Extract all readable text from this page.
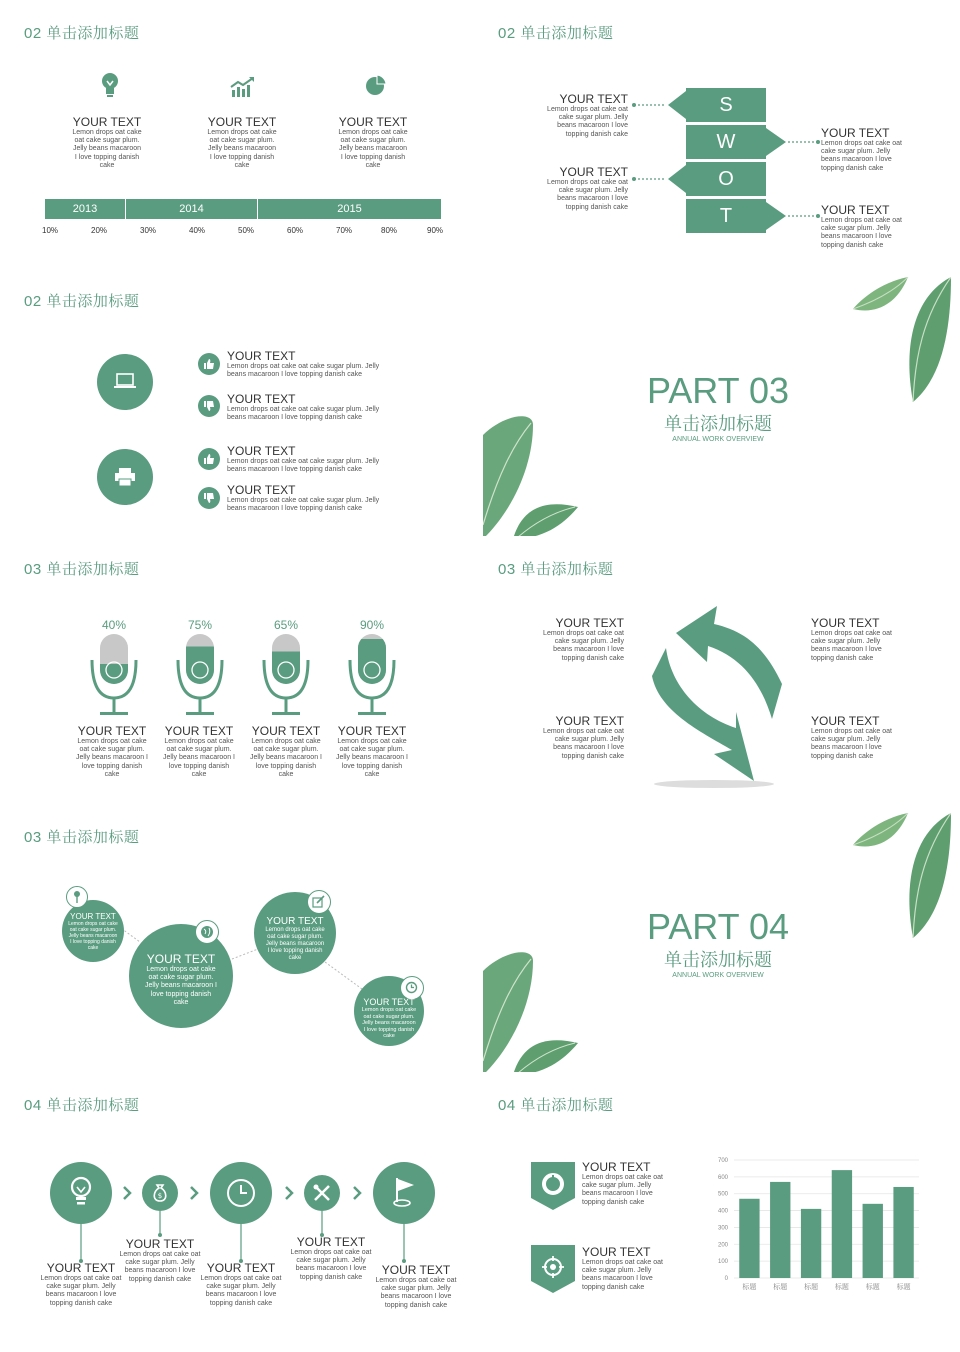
02 单击添加标题
YOUR TEXT
Lemon drops oat cake
oat cake sugar plum.
Jelly beans macaroon
I love topping danish
cake
YOUR TEXT
Lemon drops oat cake
oat cake sugar plum.
Jelly beans macaroon
I love topping danish
cake
YOUR TEXT
Lemon drops oat cake
oat cake sugar plum.
Jelly beans macaroon
I love topping danish
cake
2013	2014	2015
10%	20%	30%	40%	50%	60%	70%	80%	90%
02 单击添加标题
S
W
O
T
YOUR TEXT
Lemon drops oat cake oat
cake sugar plum. Jelly
beans macaroon I love
topping danish cake
YOUR TEXT
Lemon drops oat cake oat
cake sugar plum. Jelly
beans macaroon I love
topping danish cake
YOUR TEXT
Lemon drops oat cake oat
cake sugar plum. Jelly
beans macaroon I love
topping danish cake
YOUR TEXT
Lemon drops oat cake oat
cake sugar plum. Jelly
beans macaroon I love
topping danish cake
02 单击添加标题
YOUR TEXT
Lemon drops oat cake oat cake sugar plum. Jelly
beans macaroon I love topping danish cake
YOUR TEXT
Lemon drops oat cake oat cake sugar plum. Jelly
beans macaroon I love topping danish cake
YOUR TEXT
Lemon drops oat cake oat cake sugar plum. Jelly
beans macaroon I love topping danish cake
YOUR TEXT
Lemon drops oat cake oat cake sugar plum. Jelly
beans macaroon I love topping danish cake
PART 03
单击添加标题
ANNUAL WORK OVERVIEW
03 单击添加标题
40%	75%	65%	90%
YOUR TEXT
Lemon drops oat cake
oat cake sugar plum.
Jelly beans macaroon I
love topping danish
cake
YOUR TEXT
Lemon drops oat cake
oat cake sugar plum.
Jelly beans macaroon I
love topping danish
cake
YOUR TEXT
Lemon drops oat cake
oat cake sugar plum.
Jelly beans macaroon I
love topping danish
cake
YOUR TEXT
Lemon drops oat cake
oat cake sugar plum.
Jelly beans macaroon I
love topping danish
cake
03 单击添加标题
YOUR TEXT
Lemon drops oat cake oat
cake sugar plum. Jelly
beans macaroon I love
topping danish cake
YOUR TEXT
Lemon drops oat cake oat
cake sugar plum. Jelly
beans macaroon I love
topping danish cake
YOUR TEXT
Lemon drops oat cake oat
cake sugar plum. Jelly
beans macaroon I love
topping danish cake
YOUR TEXT
Lemon drops oat cake oat
cake sugar plum. Jelly
beans macaroon I love
topping danish cake
03 单击添加标题
YOUR TEXT
Lemon drops oat cake
oat cake sugar plum.
Jelly beans macaroon
I love topping danish
cake
YOUR TEXT
Lemon drops oat cake
oat cake sugar plum.
Jelly beans macaroon I
love topping danish
cake
YOUR TEXT
Lemon drops oat cake
oat cake sugar plum.
Jelly beans macaroon
I love topping danish
cake
YOUR TEXT
Lemon drops oat cake
oat cake sugar plum.
Jelly beans macaroon
I love topping danish
cake
PART 04
单击添加标题
ANNUAL WORK OVERVIEW
04 单击添加标题
$
YOUR TEXT
Lemon drops oat cake oat
cake sugar plum. Jelly
beans macaroon I love
topping danish cake
YOUR TEXT
Lemon drops oat cake oat
cake sugar plum. Jelly
beans macaroon I love
topping danish cake
YOUR TEXT
Lemon drops oat cake oat
cake sugar plum. Jelly
beans macaroon I love
topping danish cake
YOUR TEXT
Lemon drops oat cake oat
cake sugar plum. Jelly
beans macaroon I love
topping danish cake
YOUR TEXT
Lemon drops oat cake oat
cake sugar plum. Jelly
beans macaroon I love
topping danish cake
04 单击添加标题
YOUR TEXT
Lemon drops oat cake oat
cake sugar plum. Jelly
beans macaroon I love
topping danish cake
YOUR TEXT
Lemon drops oat cake oat
cake sugar plum. Jelly
beans macaroon I love
topping danish cake
0
100
200
300
400
500
600
700
标题 标题 标题 标题 标题 标题
